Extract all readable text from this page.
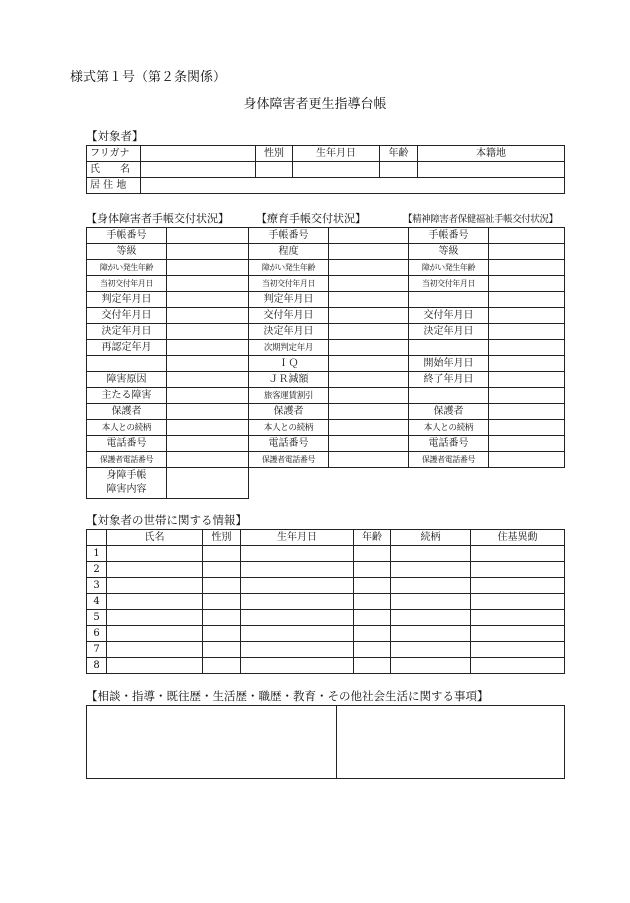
様式第１号（第２条関係）
身体障害者更生指導台帳
【対象者】
フリガナ		性別	生年月日	年齢	本籍地
氏　　名					
居 住 地					
【身体障害者手帳交付状況】 【療育手帳交付状況】	【精神障害者保健福祉手帳交付状況】
手帳番号		手帳番号		手帳番号	
等級		程度		等級	
障がい発生年齢		障がい発生年齢		障がい発生年齢	
当初交付年月日		当初交付年月日		当初交付年月日	
判定年月日		判定年月日			
交付年月日		交付年月日		交付年月日	
決定年月日		決定年月日		決定年月日	
再認定年月		次期判定年月			
		ＩＱ		開始年月日	
障害原因		ＪＲ減額		終了年月日	
主たる障害		旅客運賃割引			
保護者		保護者		保護者	
本人との続柄		本人との続柄		本人との続柄	
電話番号		電話番号		電話番号	
保護者電話番号		保護者電話番号		保護者電話番号	

身障手帳
障害内容					

【対象者の世帯に関する情報】
	氏名	性別	生年月日	年齢	続柄	住基異動
1						
2						
3						
4						
5						
6						
7						
8						
【相談・指導・既往歴・生活歴・職歴・教育・その他社会生活に関する事項】
